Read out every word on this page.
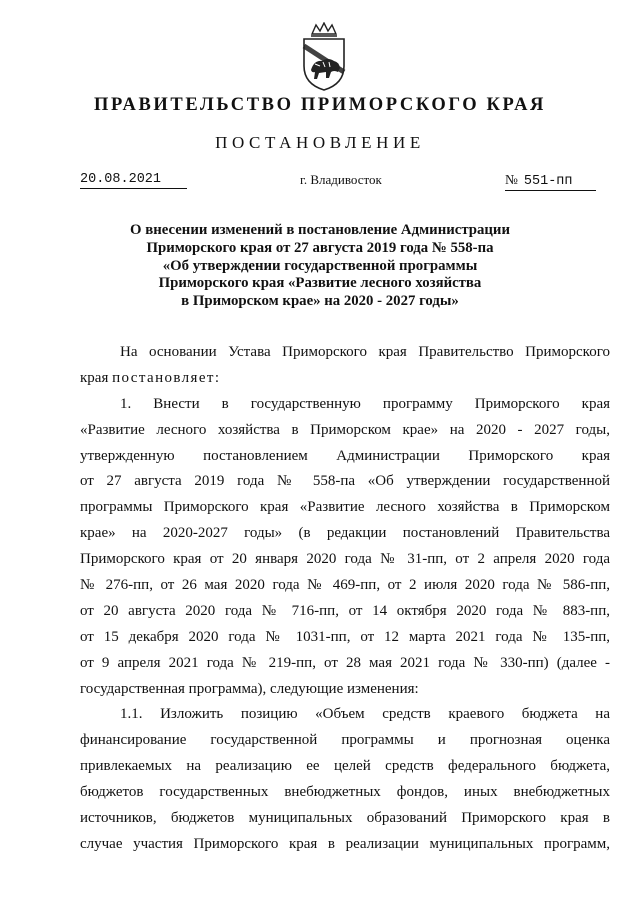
ПРАВИТЕЛЬСТВО ПРИМОРСКОГО КРАЯ
ПОСТАНОВЛЕНИЕ
20.08.2021	г. Владивосток	№ 551-пп
О внесении изменений в постановление Администрации
Приморского края от 27 августа 2019 года № 558-па
«Об утверждении государственной программы
Приморского края «Развитие лесного хозяйства
в Приморском крае» на 2020 - 2027 годы»
На основании Устава Приморского края Правительство Приморского
края постановляет:
1. Внести в государственную программу Приморского края
«Развитие лесного хозяйства в Приморском крае» на 2020 - 2027 годы,
утвержденную постановлением Администрации Приморского края
от 27 августа 2019 года № 558-па «Об утверждении государственной
программы Приморского края «Развитие лесного хозяйства в Приморском
крае» на 2020-2027 годы» (в редакции постановлений Правительства
Приморского края от 20 января 2020 года № 31-пп, от 2 апреля 2020 года
№ 276-пп, от 26 мая 2020 года № 469-пп, от 2 июля 2020 года № 586-пп,
от 20 августа 2020 года № 716-пп, от 14 октября 2020 года № 883-пп,
от 15 декабря 2020 года № 1031-пп, от 12 марта 2021 года № 135-пп,
от 9 апреля 2021 года № 219-пп, от 28 мая 2021 года № 330-пп) (далее -
государственная программа), следующие изменения:
1.1. Изложить позицию «Объем средств краевого бюджета на
финансирование государственной программы и прогнозная оценка
привлекаемых на реализацию ее целей средств федерального бюджета,
бюджетов государственных внебюджетных фондов, иных внебюджетных
источников, бюджетов муниципальных образований Приморского края в
случае участия Приморского края в реализации муниципальных программ,
